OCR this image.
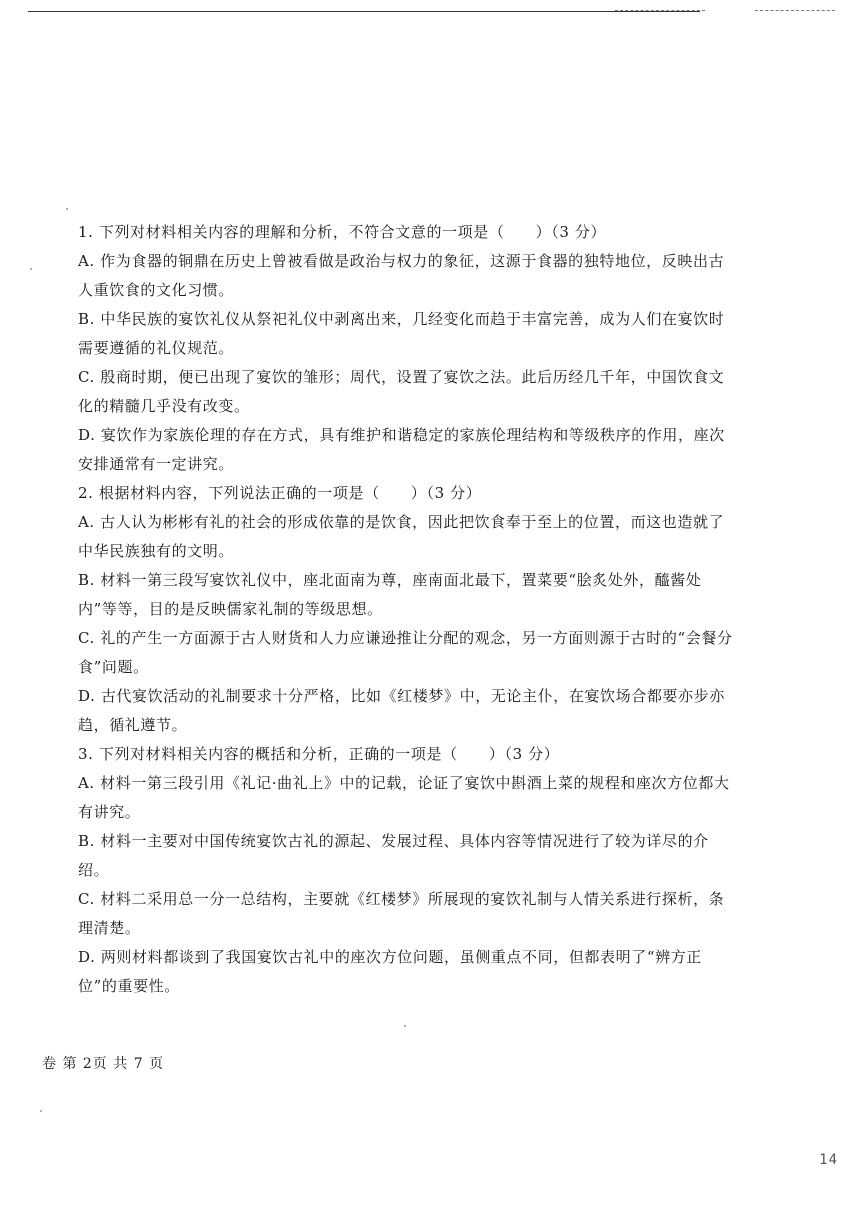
1. 下列对材料相关内容的理解和分析，不符合文意的一项是（　　）（3 分）

A. 作为食器的铜鼎在历史上曾被看做是政治与权力的象征，这源于食器的独特地位，反映出古人重饮食的文化习惯。

B. 中华民族的宴饮礼仪从祭祀礼仪中剥离出来，几经变化而趋于丰富完善，成为人们在宴饮时需要遵循的礼仪规范。

C. 殷商时期，便已出现了宴饮的雏形；周代，设置了宴饮之法。此后历经几千年，中国饮食文化的精髓几乎没有改变。

D. 宴饮作为家族伦理的存在方式，具有维护和谐稳定的家族伦理结构和等级秩序的作用，座次安排通常有一定讲究。

2. 根据材料内容，下列说法正确的一项是（　　）（3 分）

A. 古人认为彬彬有礼的社会的形成依靠的是饮食，因此把饮食奉于至上的位置，而这也造就了中华民族独有的文明。

B. 材料一第三段写宴饮礼仪中，座北面南为尊，座南面北最下，置菜要“脍炙处外，醯酱处内”等等，目的是反映儒家礼制的等级思想。

C. 礼的产生一方面源于古人财货和人力应谦逊推让分配的观念，另一方面则源于古时的“会餐分食”问题。

D. 古代宴饮活动的礼制要求十分严格，比如《红楼梦》中，无论主仆，在宴饮场合都要亦步亦趋，循礼遵节。

3. 下列对材料相关内容的概括和分析，正确的一项是（　　）（3 分）

A. 材料一第三段引用《礼记·曲礼上》中的记载，论证了宴饮中斟酒上菜的规程和座次方位都大有讲究。

B. 材料一主要对中国传统宴饮古礼的源起、发展过程、具体内容等情况进行了较为详尽的介绍。

C. 材料二采用总一分一总结构，主要就《红楼梦》所展现的宴饮礼制与人情关系进行探析，条理清楚。

D. 两则材料都谈到了我国宴饮古礼中的座次方位问题，虽侧重点不同，但都表明了“辨方正位”的重要性。

卷 第 2页 共 7 页
14
